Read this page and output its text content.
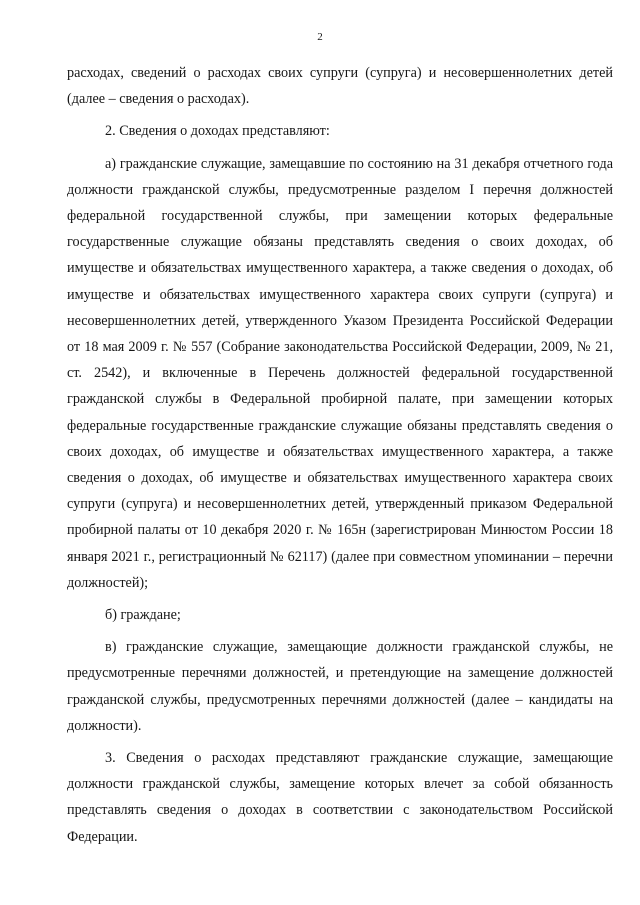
2

расходах, сведений о расходах своих супруги (супруга) и несовершеннолетних детей (далее – сведения о расходах).

2. Сведения о доходах представляют:

а) гражданские служащие, замещавшие по состоянию на 31 декабря отчетного года должности гражданской службы, предусмотренные разделом I перечня должностей федеральной государственной службы, при замещении которых федеральные государственные служащие обязаны представлять сведения о своих доходах, об имуществе и обязательствах имущественного характера, а также сведения о доходах, об имуществе и обязательствах имущественного характера своих супруги (супруга) и несовершеннолетних детей, утвержденного Указом Президента Российской Федерации от 18 мая 2009 г. № 557 (Собрание законодательства Российской Федерации, 2009, № 21, ст. 2542), и включенные в Перечень должностей федеральной государственной гражданской службы в Федеральной пробирной палате, при замещении которых федеральные государственные гражданские служащие обязаны представлять сведения о своих доходах, об имуществе и обязательствах имущественного характера, а также сведения о доходах, об имуществе и обязательствах имущественного характера своих супруги (супруга) и несовершеннолетних детей, утвержденный приказом Федеральной пробирной палаты от 10 декабря 2020 г. № 165н (зарегистрирован Минюстом России 18 января 2021 г., регистрационный № 62117) (далее при совместном упоминании – перечни должностей);

б) граждане;

в) гражданские служащие, замещающие должности гражданской службы, не предусмотренные перечнями должностей, и претендующие на замещение должностей гражданской службы, предусмотренных перечнями должностей (далее – кандидаты на должности).

3. Сведения о расходах представляют гражданские служащие, замещающие должности гражданской службы, замещение которых влечет за собой обязанность представлять сведения о доходах в соответствии с законодательством Российской Федерации.
